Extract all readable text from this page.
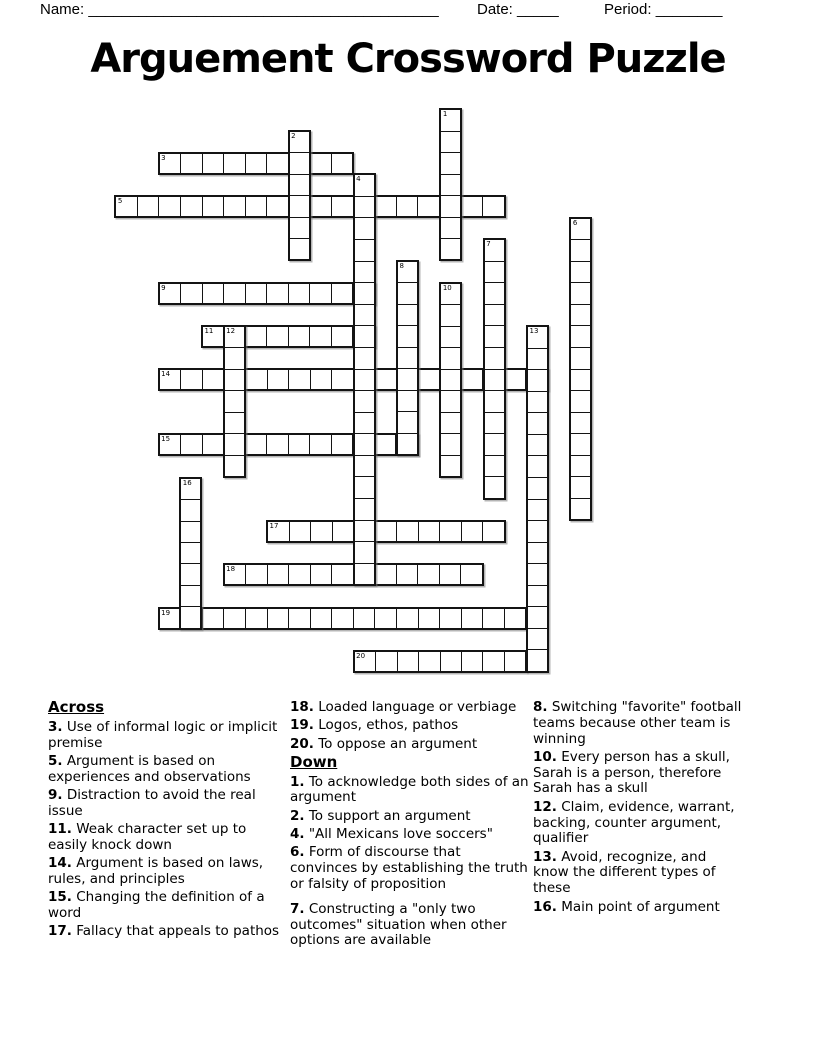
Name: __________________________________________	Date: _____	Period: ________
Arguement Crossword Puzzle
3
5
9
11
14
15
17
18
19
20
1
2
4
6
7
8
10
12	13
16
Across
3. Use of informal logic or implicit premise
5. Argument is based on experiences and observations
9. Distraction to avoid the real issue
11. Weak character set up to easily knock down
14. Argument is based on laws, rules, and principles
15. Changing the definition of a word
17. Fallacy that appeals to pathos
18. Loaded language or verbiage
19. Logos, ethos, pathos
20. To oppose an argument
Down
1. To acknowledge both sides of an argument
2. To support an argument
4. "All Mexicans love soccers"
6. Form of discourse that convinces by establishing the truth or falsity of proposition
7. Constructing a "only two outcomes" situation when other options are available
8. Switching "favorite" football teams because other team is winning
10. Every person has a skull, Sarah is a person, therefore Sarah has a skull
12. Claim, evidence, warrant, backing, counter argument, qualifier
13. Avoid, recognize, and know the different types of these
16. Main point of argument
